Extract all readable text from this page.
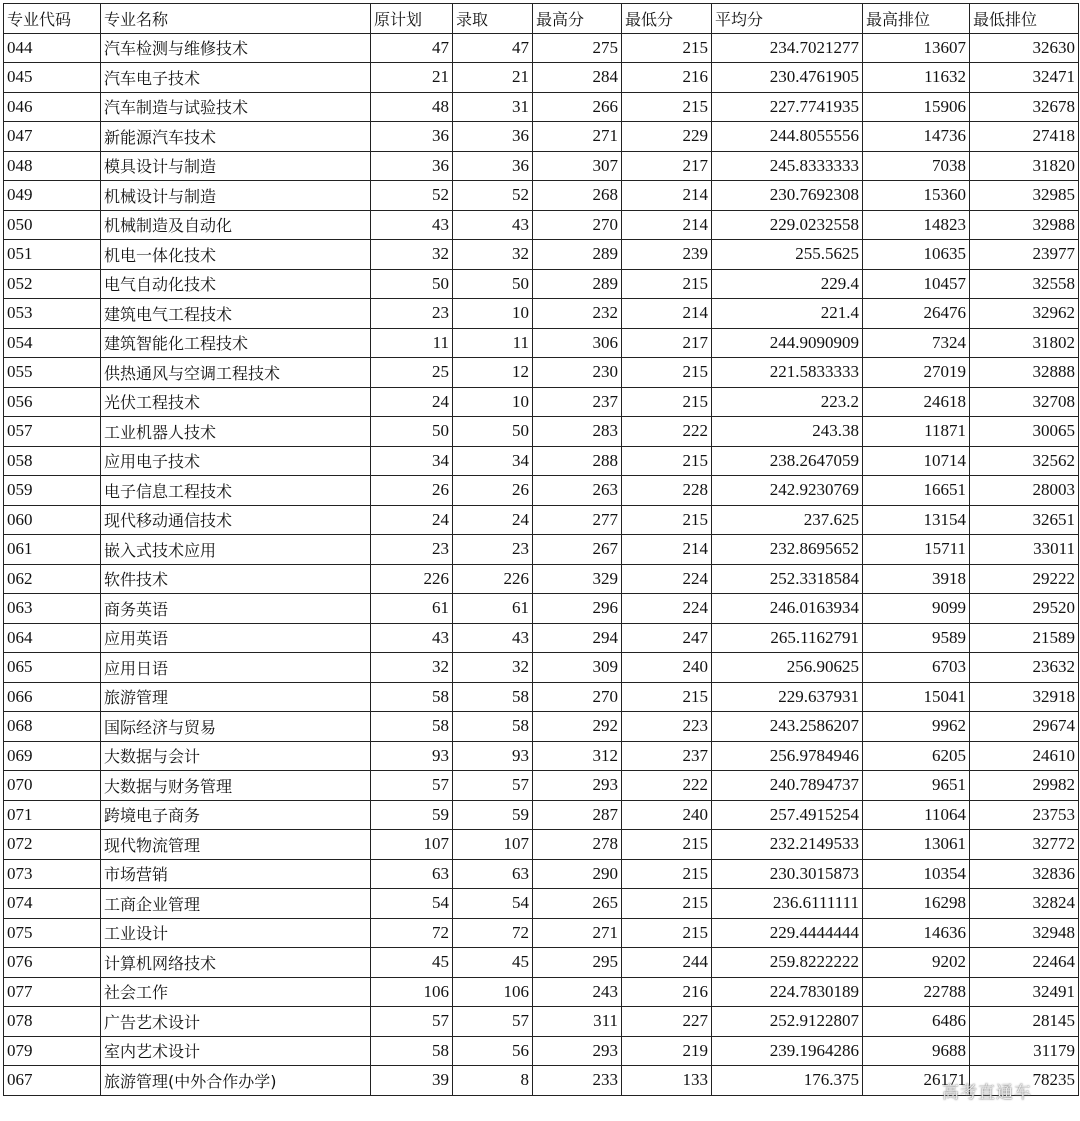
专业代码	专业名称	原计划	录取	最高分	最低分	平均分	最高排位	最低排位
044	汽车检测与维修技术	47	47	275	215	234.7021277	13607	32630
045	汽车电子技术	21	21	284	216	230.4761905	11632	32471
046	汽车制造与试验技术	48	31	266	215	227.7741935	15906	32678
047	新能源汽车技术	36	36	271	229	244.8055556	14736	27418
048	模具设计与制造	36	36	307	217	245.8333333	7038	31820
049	机械设计与制造	52	52	268	214	230.7692308	15360	32985
050	机械制造及自动化	43	43	270	214	229.0232558	14823	32988
051	机电一体化技术	32	32	289	239	255.5625	10635	23977
052	电气自动化技术	50	50	289	215	229.4	10457	32558
053	建筑电气工程技术	23	10	232	214	221.4	26476	32962
054	建筑智能化工程技术	11	11	306	217	244.9090909	7324	31802
055	供热通风与空调工程技术	25	12	230	215	221.5833333	27019	32888
056	光伏工程技术	24	10	237	215	223.2	24618	32708
057	工业机器人技术	50	50	283	222	243.38	11871	30065
058	应用电子技术	34	34	288	215	238.2647059	10714	32562
059	电子信息工程技术	26	26	263	228	242.9230769	16651	28003
060	现代移动通信技术	24	24	277	215	237.625	13154	32651
061	嵌入式技术应用	23	23	267	214	232.8695652	15711	33011
062	软件技术	226	226	329	224	252.3318584	3918	29222
063	商务英语	61	61	296	224	246.0163934	9099	29520
064	应用英语	43	43	294	247	265.1162791	9589	21589
065	应用日语	32	32	309	240	256.90625	6703	23632
066	旅游管理	58	58	270	215	229.637931	15041	32918
068	国际经济与贸易	58	58	292	223	243.2586207	9962	29674
069	大数据与会计	93	93	312	237	256.9784946	6205	24610
070	大数据与财务管理	57	57	293	222	240.7894737	9651	29982
071	跨境电子商务	59	59	287	240	257.4915254	11064	23753
072	现代物流管理	107	107	278	215	232.2149533	13061	32772
073	市场营销	63	63	290	215	230.3015873	10354	32836
074	工商企业管理	54	54	265	215	236.6111111	16298	32824
075	工业设计	72	72	271	215	229.4444444	14636	32948
076	计算机网络技术	45	45	295	244	259.8222222	9202	22464
077	社会工作	106	106	243	216	224.7830189	22788	32491
078	广告艺术设计	57	57	311	227	252.9122807	6486	28145
079	室内艺术设计	58	56	293	219	239.1964286	9688	31179
067	旅游管理(中外合作办学)	39	8	233	133	176.375	26171	78235
高考直通车
